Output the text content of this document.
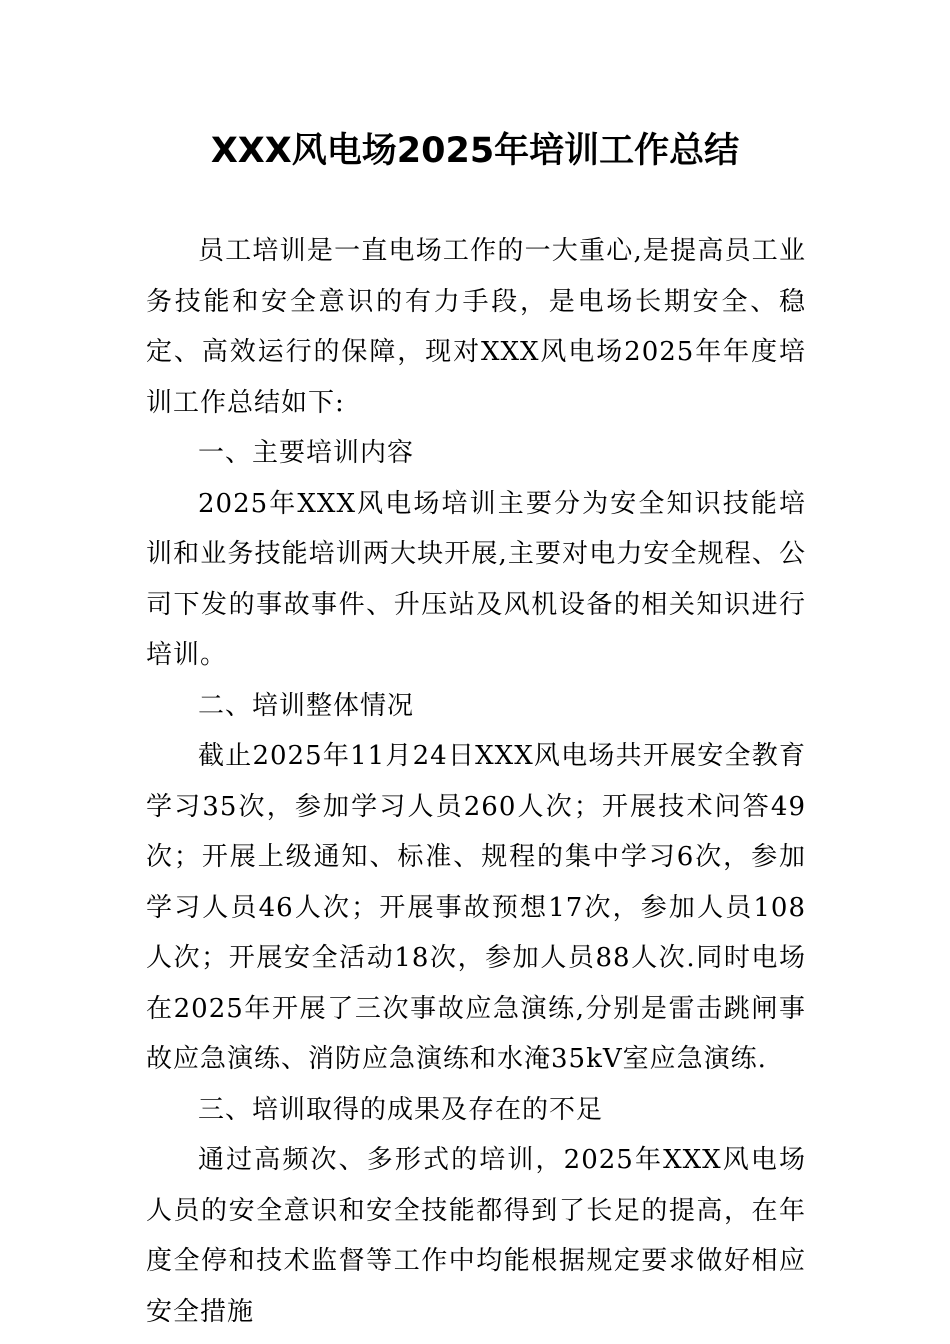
XXX风电场2025年培训工作总结

员工培训是一直电场工作的一大重心,是提高员工业务技能和安全意识的有力手段，是电场长期安全、稳定、高效运行的保障，现对XXX风电场2025年年度培训工作总结如下:

一、主要培训内容

2025年XXX风电场培训主要分为安全知识技能培训和业务技能培训两大块开展,主要对电力安全规程、公司下发的事故事件、升压站及风机设备的相关知识进行培训。

二、培训整体情况

截止2025年11月24日XXX风电场共开展安全教育学习35次，参加学习人员260人次；开展技术问答49次；开展上级通知、标准、规程的集中学习6次，参加学习人员46人次；开展事故预想17次，参加人员108人次；开展安全活动18次，参加人员88人次.同时电场在2025年开展了三次事故应急演练,分别是雷击跳闸事故应急演练、消防应急演练和水淹35kV室应急演练.

三、培训取得的成果及存在的不足

通过高频次、多形式的培训，2025年XXX风电场人员的安全意识和安全技能都得到了长足的提高，在年度全停和技术监督等工作中均能根据规定要求做好相应安全措施
